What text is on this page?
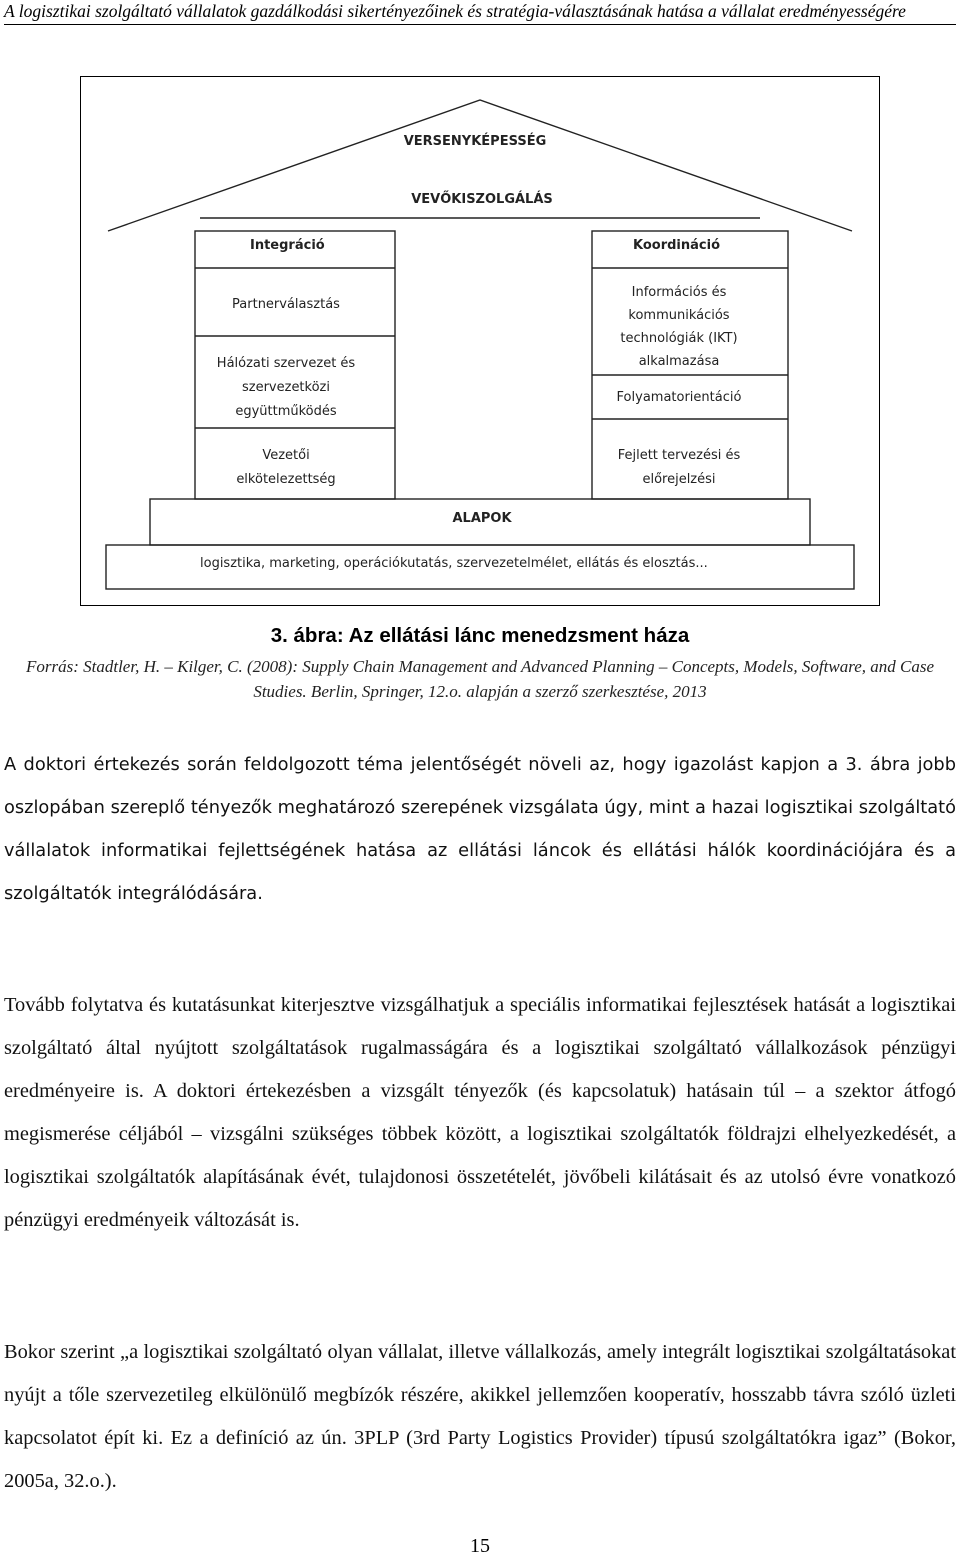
A logisztikai szolgáltató vállalatok gazdálkodási sikertényezőinek és stratégia-választásának hatása a vállalat eredményességére
VERSENYKÉPESSÉG
VEVŐKISZOLGÁLÁS
Integráció
Partnerválasztás
Hálózati szervezet és
szervezetközi
együttműködés
Vezetői
elkötelezettség
Koordináció
Információs és
kommunikációs
technológiák (IKT)
alkalmazása
Folyamatorientáció
Fejlett tervezési és
előrejelzési
ALAPOK
logisztika, marketing, operációkutatás, szervezetelmélet, ellátás és elosztás...
3. ábra: Az ellátási lánc menedzsment háza
Forrás: Stadtler, H. – Kilger, C. (2008): Supply Chain Management and Advanced Planning – Concepts, Models, Software, and Case Studies. Berlin, Springer, 12.o. alapján a szerző szerkesztése, 2013

A doktori értekezés során feldolgozott téma jelentőségét növeli az, hogy igazolást kapjon a 3. ábra jobb oszlopában szereplő tényezők meghatározó szerepének vizsgálata úgy, mint a hazai logisztikai szolgáltató vállalatok informatikai fejlettségének hatása az ellátási láncok és ellátási hálók koordinációjára és a szolgáltatók integrálódására.

Tovább folytatva és kutatásunkat kiterjesztve vizsgálhatjuk a speciális informatikai fejlesztések hatását a logisztikai szolgáltató által nyújtott szolgáltatások rugalmasságára és a logisztikai szolgáltató vállalkozások pénzügyi eredményeire is. A doktori értekezésben a vizsgált tényezők (és kapcsolatuk) hatásain túl – a szektor átfogó megismerése céljából – vizsgálni szükséges többek között, a logisztikai szolgáltatók földrajzi elhelyezkedését, a logisztikai szolgáltatók alapításának évét, tulajdonosi összetételét, jövőbeli kilátásait és az utolsó évre vonatkozó pénzügyi eredményeik változását is.

Bokor szerint „a logisztikai szolgáltató olyan vállalat, illetve vállalkozás, amely integrált logisztikai szolgáltatásokat nyújt a tőle szervezetileg elkülönülő megbízók részére, akikkel jellemzően kooperatív, hosszabb távra szóló üzleti kapcsolatot épít ki. Ez a definíció az ún. 3PLP (3rd Party Logistics Provider) típusú szolgáltatókra igaz” (Bokor, 2005a, 32.o.).

15
